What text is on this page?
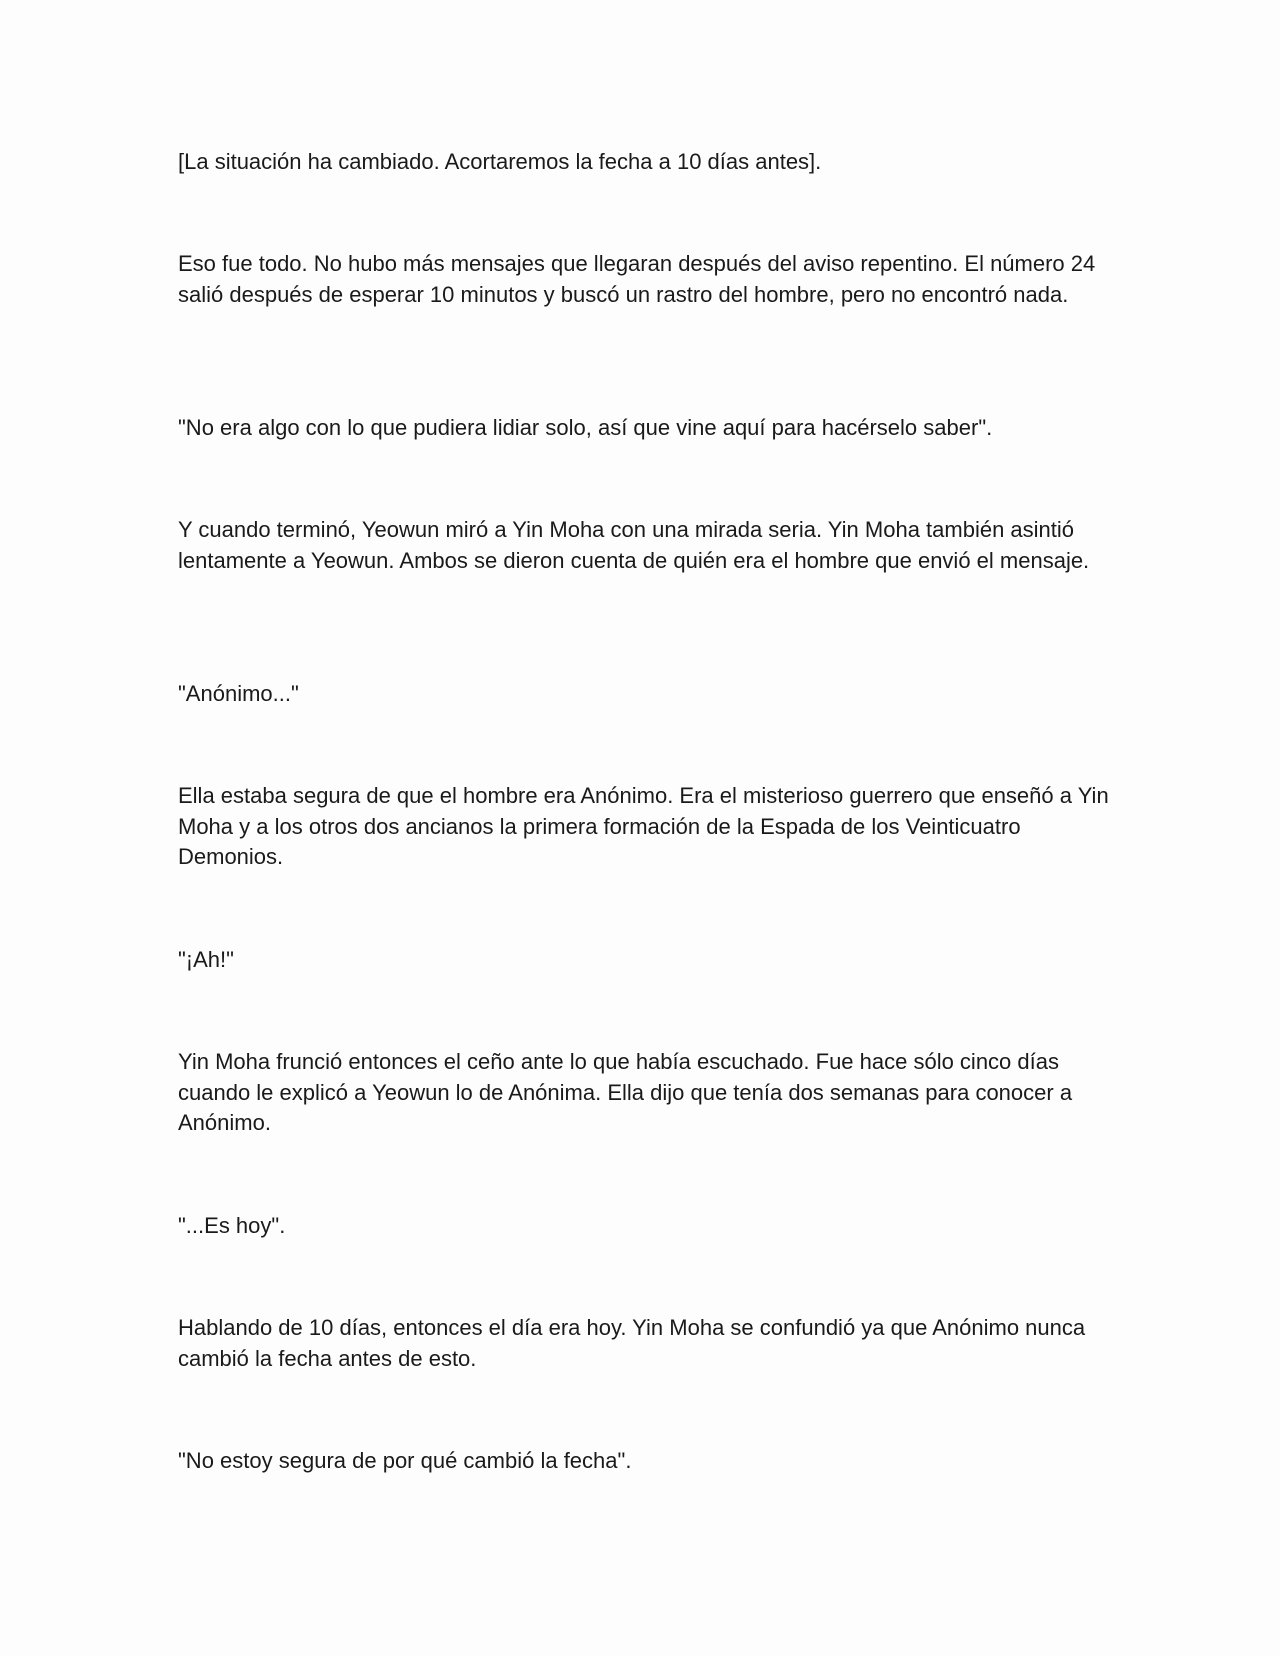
[La situación ha cambiado. Acortaremos la fecha a 10 días antes].

Eso fue todo. No hubo más mensajes que llegaran después del aviso repentino. El número 24 salió después de esperar 10 minutos y buscó un rastro del hombre, pero no encontró nada.

"No era algo con lo que pudiera lidiar solo, así que vine aquí para hacérselo saber".

Y cuando terminó, Yeowun miró a Yin Moha con una mirada seria. Yin Moha también asintió lentamente a Yeowun. Ambos se dieron cuenta de quién era el hombre que envió el mensaje.

"Anónimo..."

Ella estaba segura de que el hombre era Anónimo. Era el misterioso guerrero que enseñó a Yin Moha y a los otros dos ancianos la primera formación de la Espada de los Veinticuatro Demonios.

"¡Ah!"

Yin Moha frunció entonces el ceño ante lo que había escuchado. Fue hace sólo cinco días cuando le explicó a Yeowun lo de Anónima. Ella dijo que tenía dos semanas para conocer a Anónimo.

"...Es hoy".

Hablando de 10 días, entonces el día era hoy. Yin Moha se confundió ya que Anónimo nunca cambió la fecha antes de esto.

"No estoy segura de por qué cambió la fecha".
